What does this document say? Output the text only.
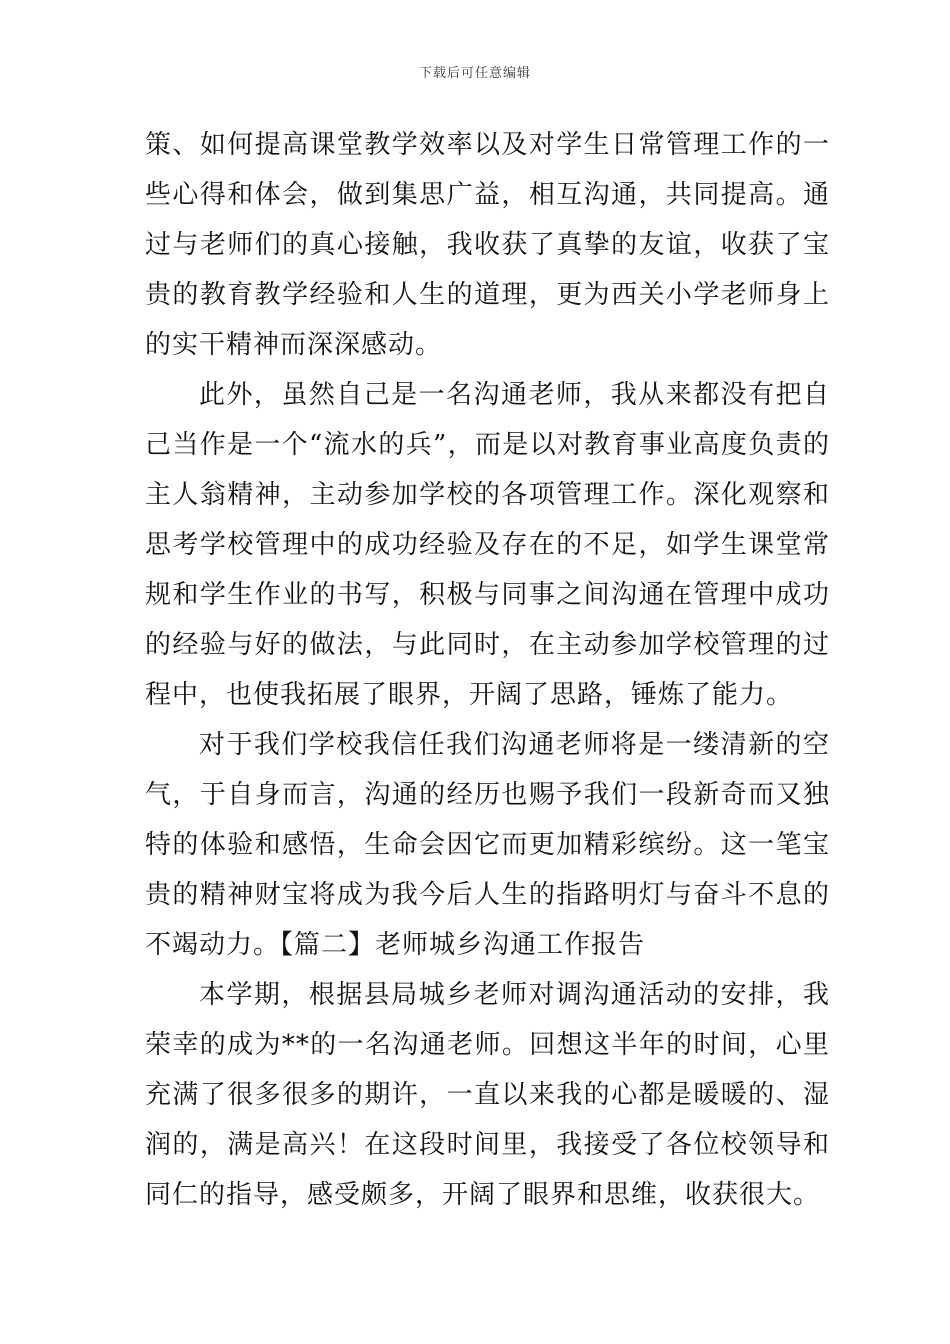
下载后可任意编辑

策、如何提高课堂教学效率以及对学生日常管理工作的一些心得和体会，做到集思广益，相互沟通，共同提高。通过与老师们的真心接触，我收获了真挚的友谊，收获了宝贵的教育教学经验和人生的道理，更为西关小学老师身上的实干精神而深深感动。

此外，虽然自己是一名沟通老师，我从来都没有把自己当作是一个“流水的兵”，而是以对教育事业高度负责的主人翁精神，主动参加学校的各项管理工作。深化观察和思考学校管理中的成功经验及存在的不足，如学生课堂常规和学生作业的书写，积极与同事之间沟通在管理中成功的经验与好的做法，与此同时，在主动参加学校管理的过程中，也使我拓展了眼界，开阔了思路，锤炼了能力。

对于我们学校我信任我们沟通老师将是一缕清新的空气，于自身而言，沟通的经历也赐予我们一段新奇而又独特的体验和感悟，生命会因它而更加精彩缤纷。这一笔宝贵的精神财宝将成为我今后人生的指路明灯与奋斗不息的不竭动力。【篇二】老师城乡沟通工作报告

本学期，根据县局城乡老师对调沟通活动的安排，我荣幸的成为**的一名沟通老师。回想这半年的时间，心里充满了很多很多的期许，一直以来我的心都是暖暖的、湿润的，满是高兴！在这段时间里，我接受了各位校领导和同仁的指导，感受颇多，开阔了眼界和思维，收获很大。
